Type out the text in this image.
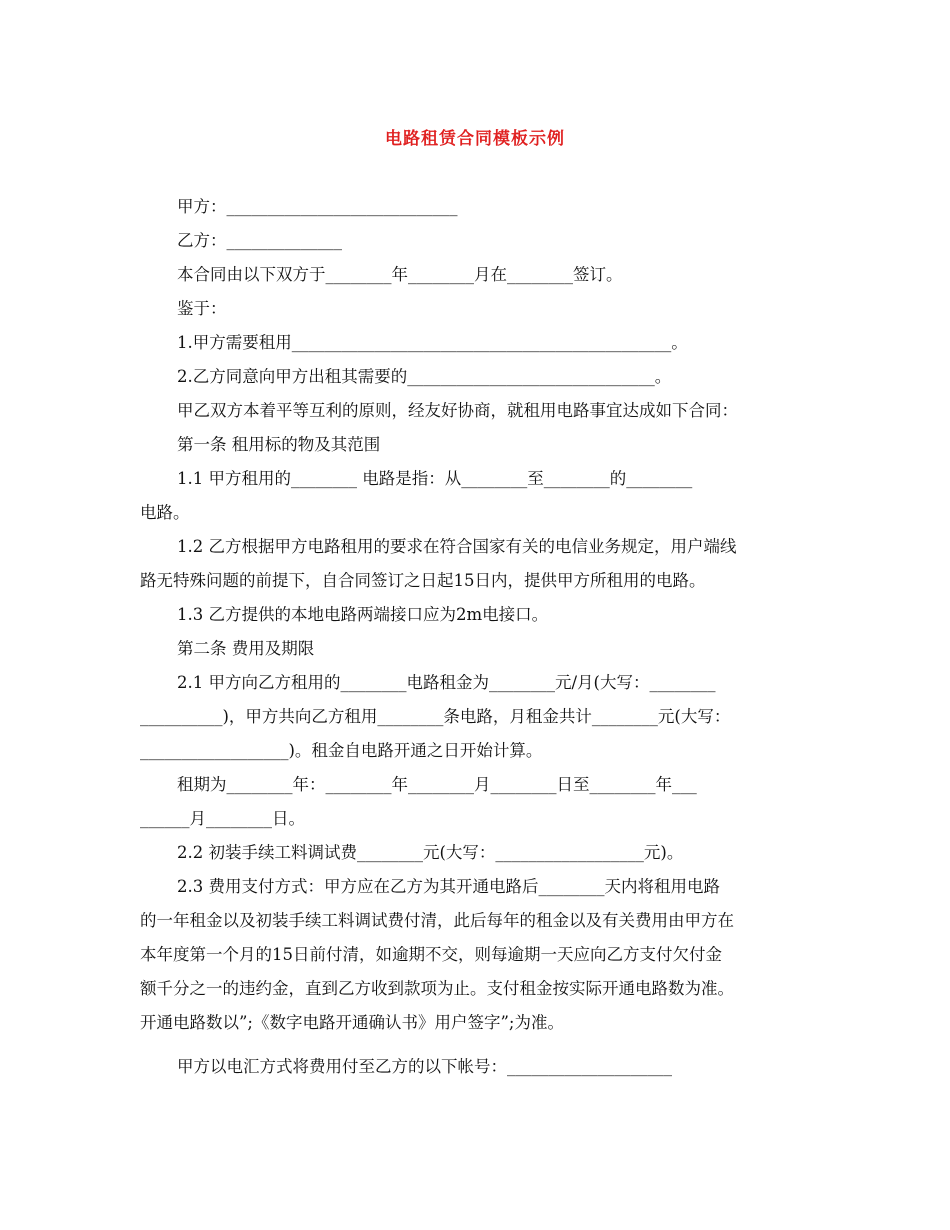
电路租赁合同模板示例
甲方：____________________________
乙方：______________
本合同由以下双方于________年________月在________签订。
鉴于：
1.甲方需要租用______________________________________________。
2.乙方同意向甲方出租其需要的______________________________。
甲乙双方本着平等互利的原则，经友好协商，就租用电路事宜达成如下合同：
第一条 租用标的物及其范围
1.1 甲方租用的________ 电路是指：从________至________的________
电路。
1.2 乙方根据甲方电路租用的要求在符合国家有关的电信业务规定，用户端线
路无特殊问题的前提下，自合同签订之日起15日内，提供甲方所租用的电路。
1.3 乙方提供的本地电路两端接口应为2m电接口。
第二条 费用及期限
2.1 甲方向乙方租用的________电路租金为________元/月(大写：________
__________)，甲方共向乙方租用________条电路，月租金共计________元(大写：
__________________)。租金自电路开通之日开始计算。
租期为________年：________年________月________日至________年___
______月________日。
2.2 初装手续工料调试费________元(大写：__________________元)。
2.3 费用支付方式：甲方应在乙方为其开通电路后________天内将租用电路
的一年租金以及初装手续工料调试费付清，此后每年的租金以及有关费用由甲方在
本年度第一个月的15日前付清，如逾期不交，则每逾期一天应向乙方支付欠付金
额千分之一的违约金，直到乙方收到款项为止。支付租金按实际开通电路数为准。
开通电路数以”;《数字电路开通确认书》用户签字”;为准。
甲方以电汇方式将费用付至乙方的以下帐号：____________________
